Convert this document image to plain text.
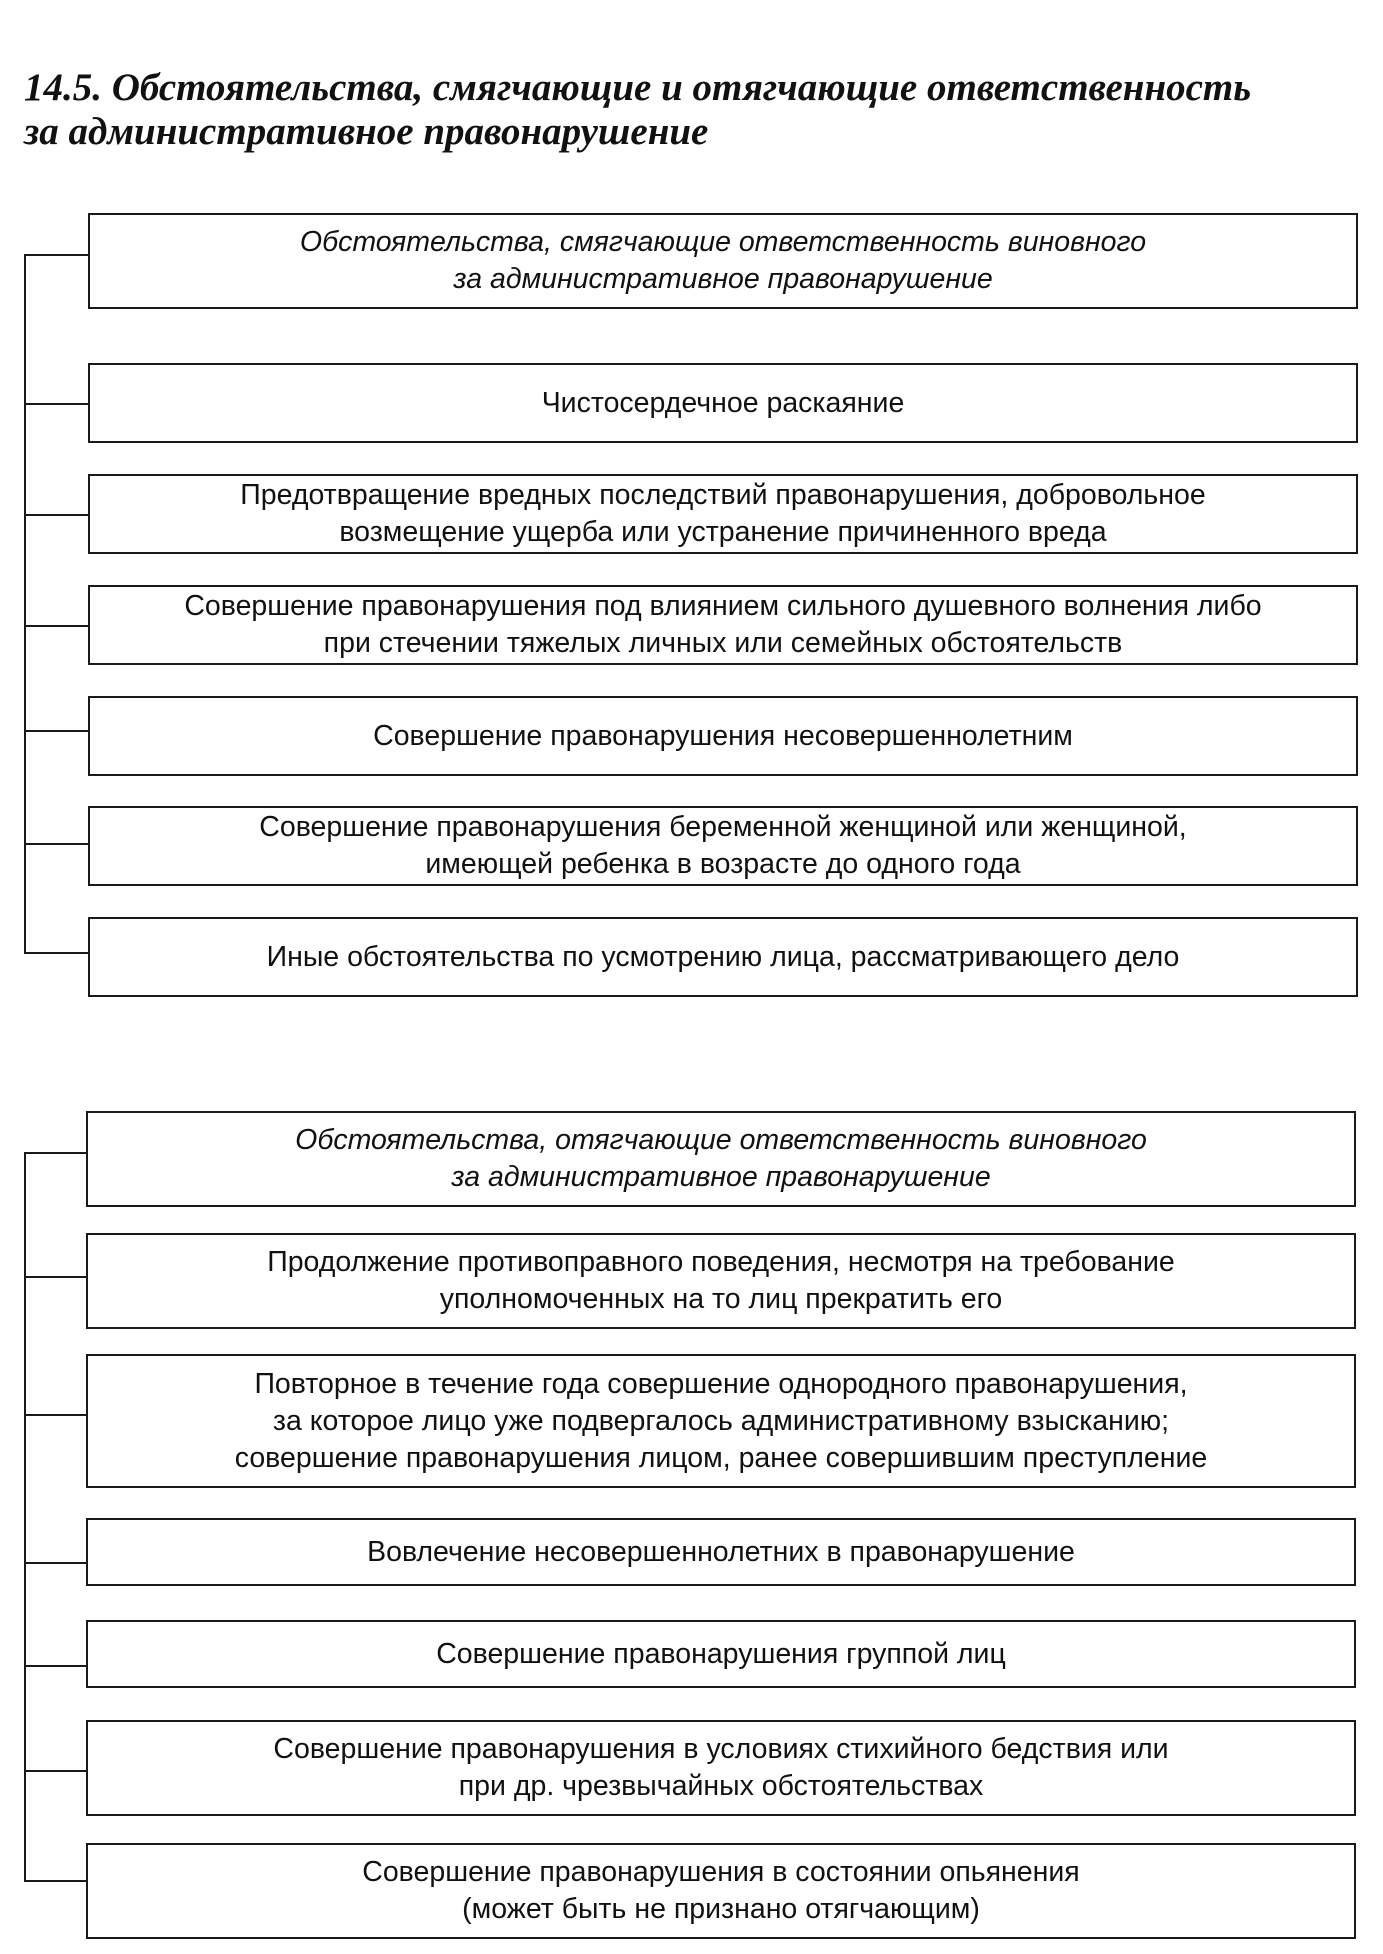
14.5. Обстоятельства, смягчающие и отягчающие ответственность
за административное правонарушение
Обстоятельства, смягчающие ответственность виновного
за административное правонарушение
Чистосердечное раскаяние
Предотвращение вредных последствий правонарушения, добровольное
возмещение ущерба или устранение причиненного вреда
Совершение правонарушения под влиянием сильного душевного волнения либо
при стечении тяжелых личных или семейных обстоятельств
Совершение правонарушения несовершеннолетним
Совершение правонарушения беременной женщиной или женщиной,
имеющей ребенка в возрасте до одного года
Иные обстоятельства по усмотрению лица, рассматривающего дело
Обстоятельства, отягчающие ответственность виновного
за административное правонарушение
Продолжение противоправного поведения, несмотря на требование
уполномоченных на то лиц прекратить его
Повторное в течение года совершение однородного правонарушения,
за которое лицо уже подвергалось административному взысканию;
совершение правонарушения лицом, ранее совершившим преступление
Вовлечение несовершеннолетних в правонарушение
Совершение правонарушения группой лиц
Совершение правонарушения в условиях стихийного бедствия или
при др. чрезвычайных обстоятельствах
Совершение правонарушения в состоянии опьянения
(может быть не признано отягчающим)
